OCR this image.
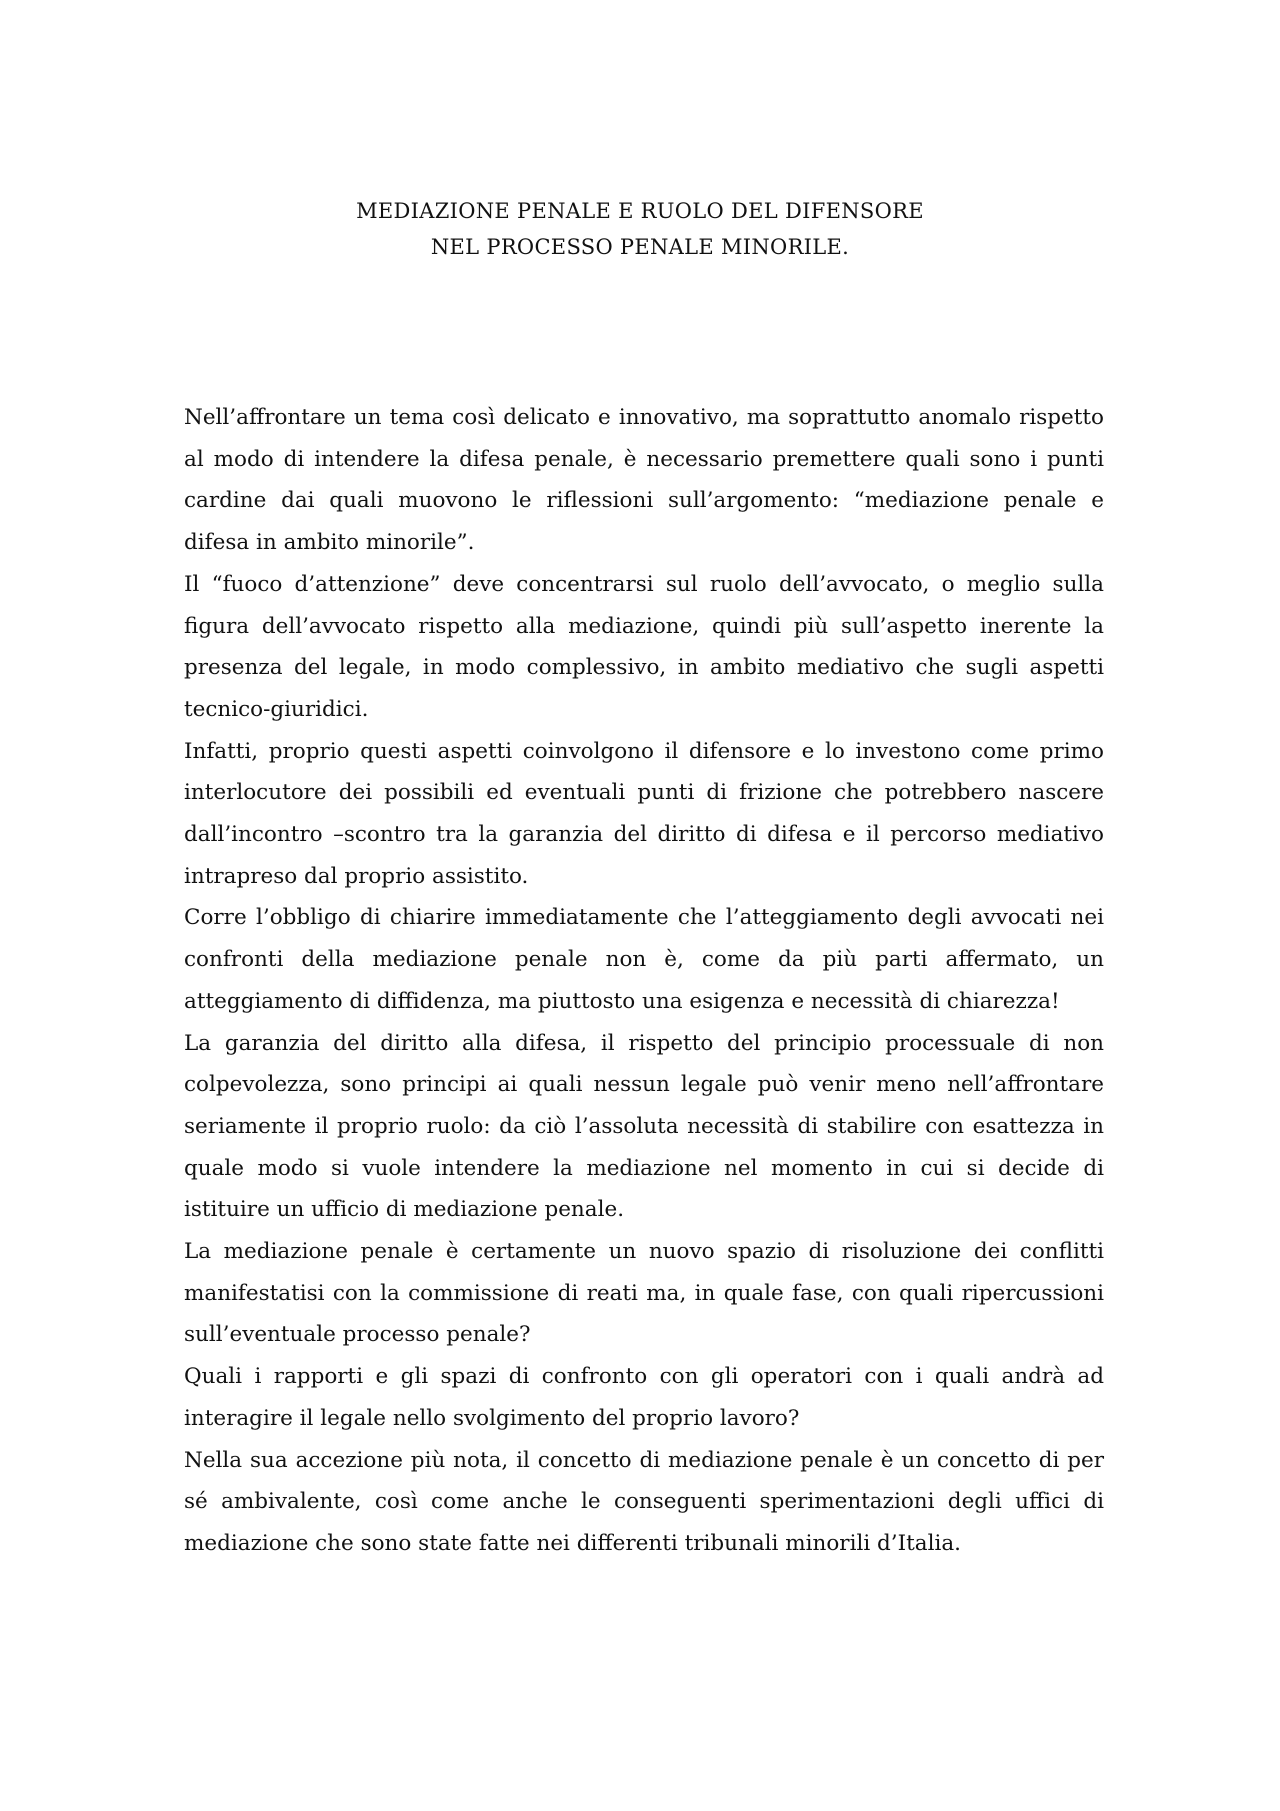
MEDIAZIONE PENALE E RUOLO DEL DIFENSORE

NEL PROCESSO PENALE MINORILE.

Nell’affrontare un tema così delicato e innovativo, ma soprattutto anomalo rispetto al modo di intendere la difesa penale, è necessario premettere quali sono i punti cardine dai quali muovono le riflessioni sull’argomento: “mediazione penale e difesa in ambito minorile”.

Il “fuoco d’attenzione” deve concentrarsi sul ruolo dell’avvocato, o meglio sulla figura dell’avvocato rispetto alla mediazione, quindi più sull’aspetto inerente la presenza del legale, in modo complessivo, in ambito mediativo che sugli aspetti tecnico-giuridici.

Infatti, proprio questi aspetti coinvolgono il difensore e lo investono come primo interlocutore dei possibili ed eventuali punti di frizione che potrebbero nascere dall’incontro –scontro tra la garanzia del diritto di difesa e il percorso mediativo intrapreso dal proprio assistito.

Corre l’obbligo di chiarire immediatamente che l’atteggiamento degli avvocati nei confronti della mediazione penale non è, come da più parti affermato, un atteggiamento di diffidenza, ma piuttosto una esigenza e necessità di chiarezza!

La garanzia del diritto alla difesa, il rispetto del principio processuale di non colpevolezza, sono principi ai quali nessun legale può venir meno nell’affrontare seriamente il proprio ruolo: da ciò l’assoluta necessità di stabilire con esattezza in quale modo si vuole intendere la mediazione nel momento in cui si decide di istituire un ufficio di mediazione penale.

La mediazione penale è certamente un nuovo spazio di risoluzione dei conflitti manifestatisi con la commissione di reati ma, in quale fase, con quali ripercussioni sull’eventuale processo penale?

Quali i rapporti e gli spazi di confronto con gli operatori con i quali andrà ad interagire il legale nello svolgimento del proprio lavoro?

Nella sua accezione più nota, il concetto di mediazione penale è un concetto di per sé ambivalente, così come anche le conseguenti sperimentazioni degli uffici di mediazione che sono state fatte nei differenti tribunali minorili d’Italia.
